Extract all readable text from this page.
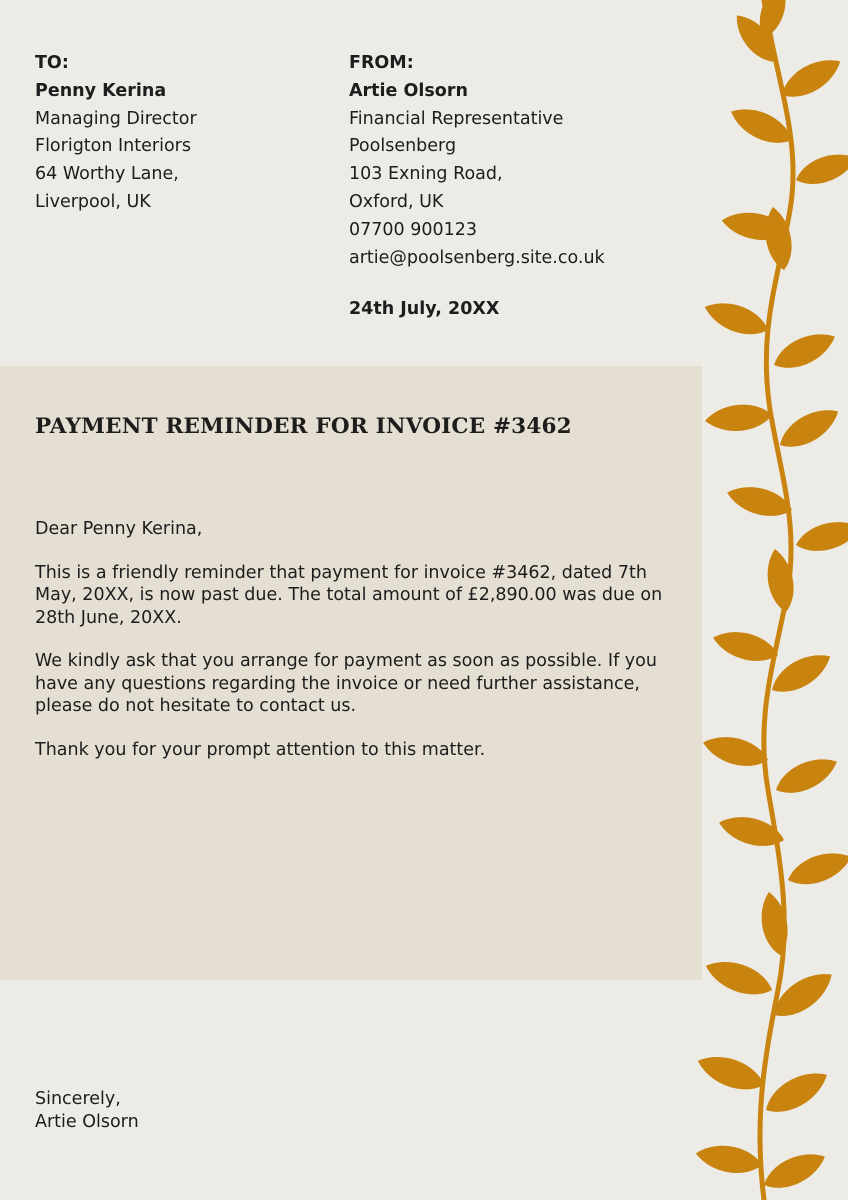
TO:
Penny Kerina
Managing Director
Florigton Interiors
64 Worthy Lane,
Liverpool, UK
FROM:
Artie Olsorn
Financial Representative
Poolsenberg
103 Exning Road,
Oxford, UK
07700 900123
artie@poolsenberg.site.co.uk
24th July, 20XX
PAYMENT REMINDER FOR INVOICE #3462

Dear Penny Kerina,

This is a friendly reminder that payment for invoice #3462, dated 7th May, 20XX, is now past due. The total amount of £2,890.00 was due on 28th June, 20XX.

We kindly ask that you arrange for payment as soon as possible. If you have any questions regarding the invoice or need further assistance, please do not hesitate to contact us.

Thank you for your prompt attention to this matter.

Sincerely,
Artie Olsorn
